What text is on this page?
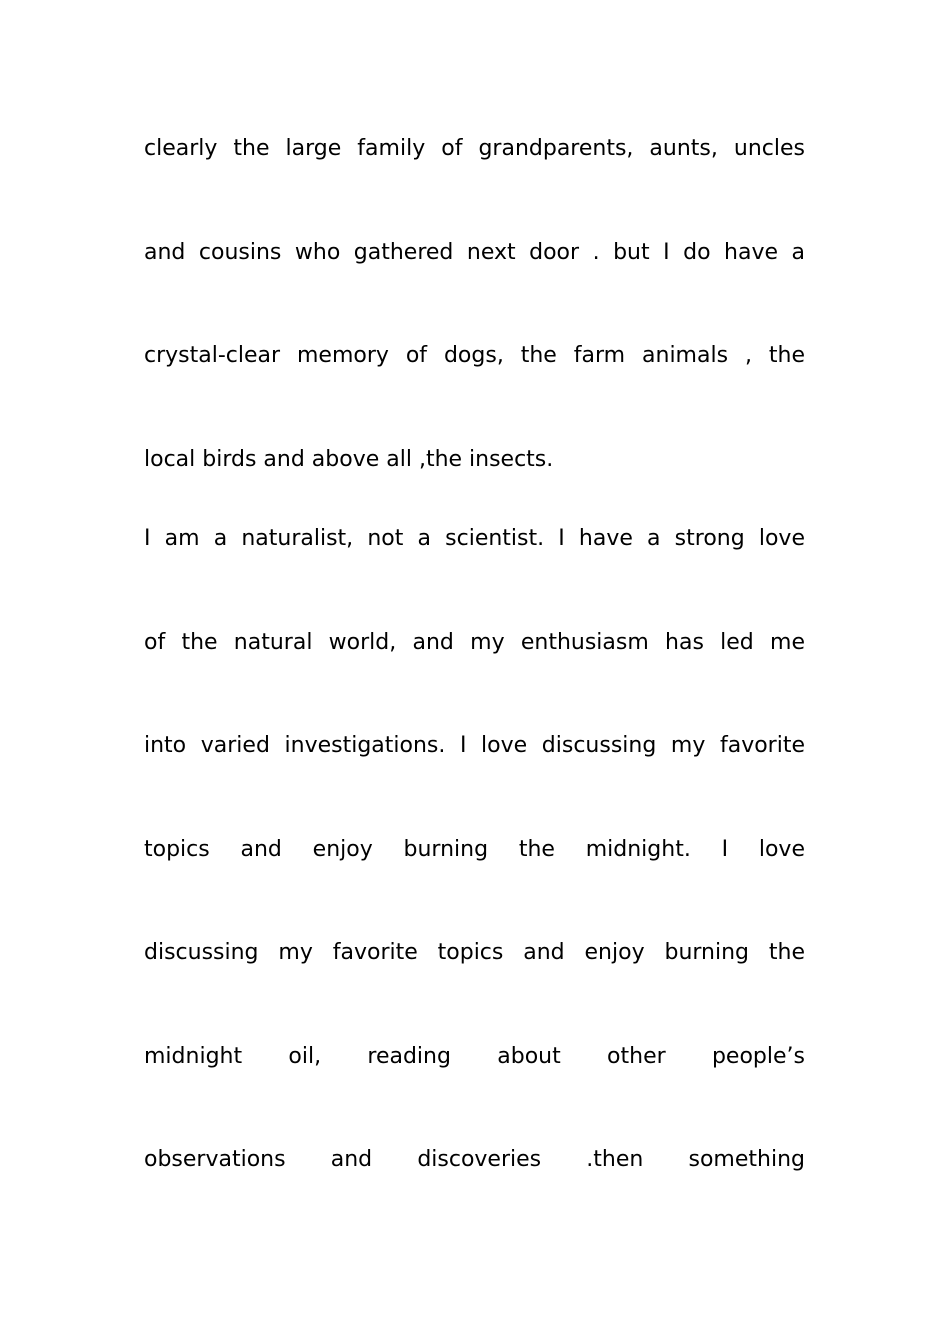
clearly the large family of grandparents, aunts, uncles
and cousins who gathered next door . but I do have a
crystal-clear memory of dogs, the farm animals , the
local birds and above all ,the insects.
I am a naturalist, not a scientist. I have a strong love
of the natural world, and my enthusiasm has led me
into varied investigations. I love discussing my favorite
topics and enjoy burning the midnight. I love
discussing my favorite topics and enjoy burning the
midnight oil, reading about other people’s
observations and discoveries .then something
